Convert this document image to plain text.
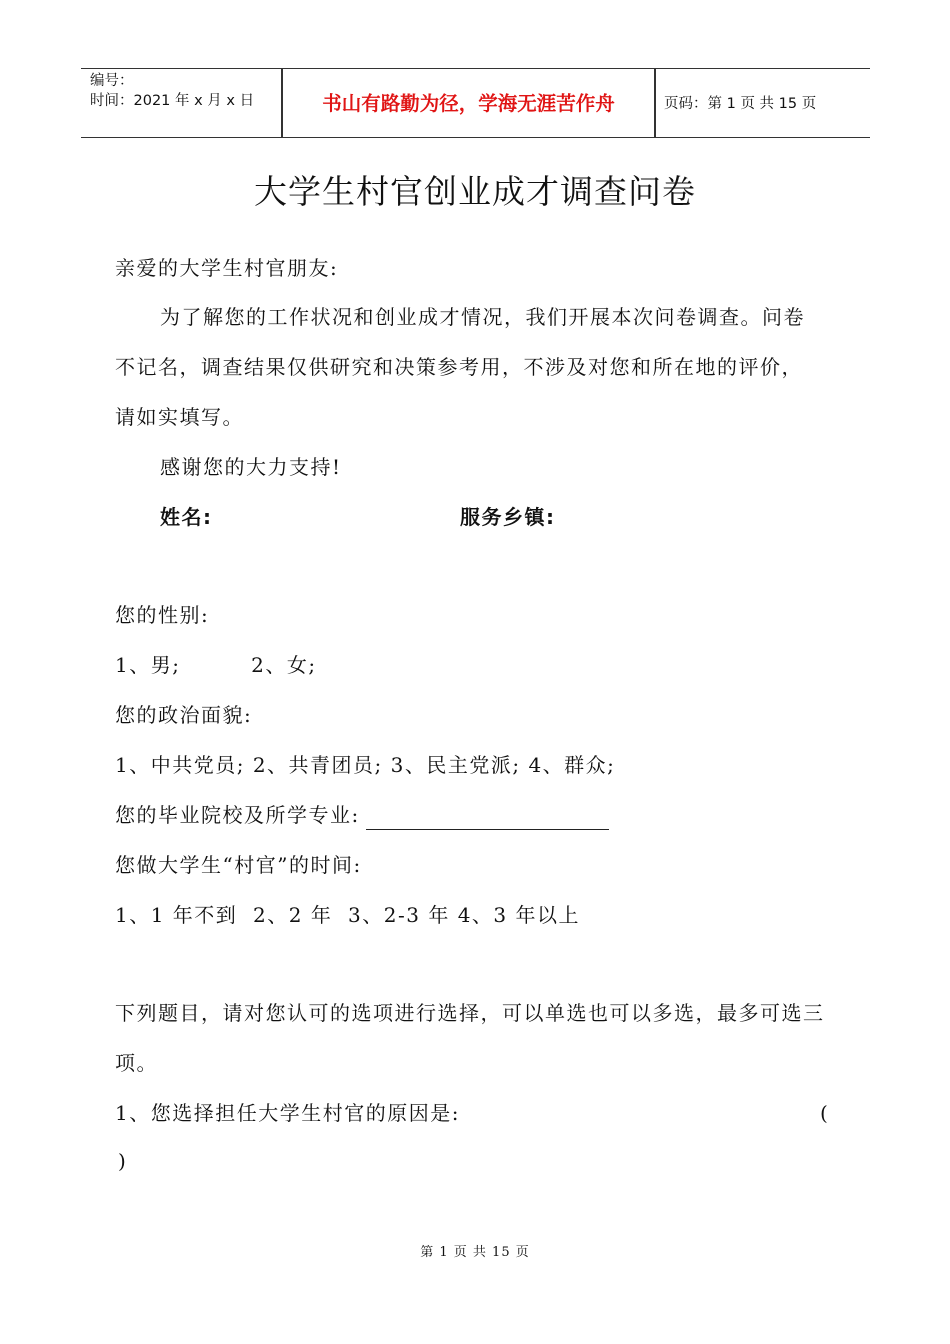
编号：
时间：2021 年 x 月 x 日	书山有路勤为径，学海无涯苦作舟	页码：第 1 页 共 15 页
大学生村官创业成才调查问卷
亲爱的大学生村官朋友:
为了解您的工作状况和创业成才情况，我们开展本次问卷调查。问卷
不记名，调查结果仅供研究和决策参考用，不涉及对您和所在地的评价，
请如实填写。
感谢您的大力支持!
姓名:	服务乡镇:
您的性别:
1、男;         2、女;
您的政治面貌:
1、中共党员; 2、共青团员; 3、民主党派; 4、群众;
您的毕业院校及所学专业:
您做大学生“村官”的时间:
1、1 年不到  2、2 年  3、2-3 年 4、3 年以上
下列题目，请对您认可的选项进行选择，可以单选也可以多选，最多可选三
项。
1、您选择担任大学生村官的原因是:	(
)
第 1 页 共 15 页
